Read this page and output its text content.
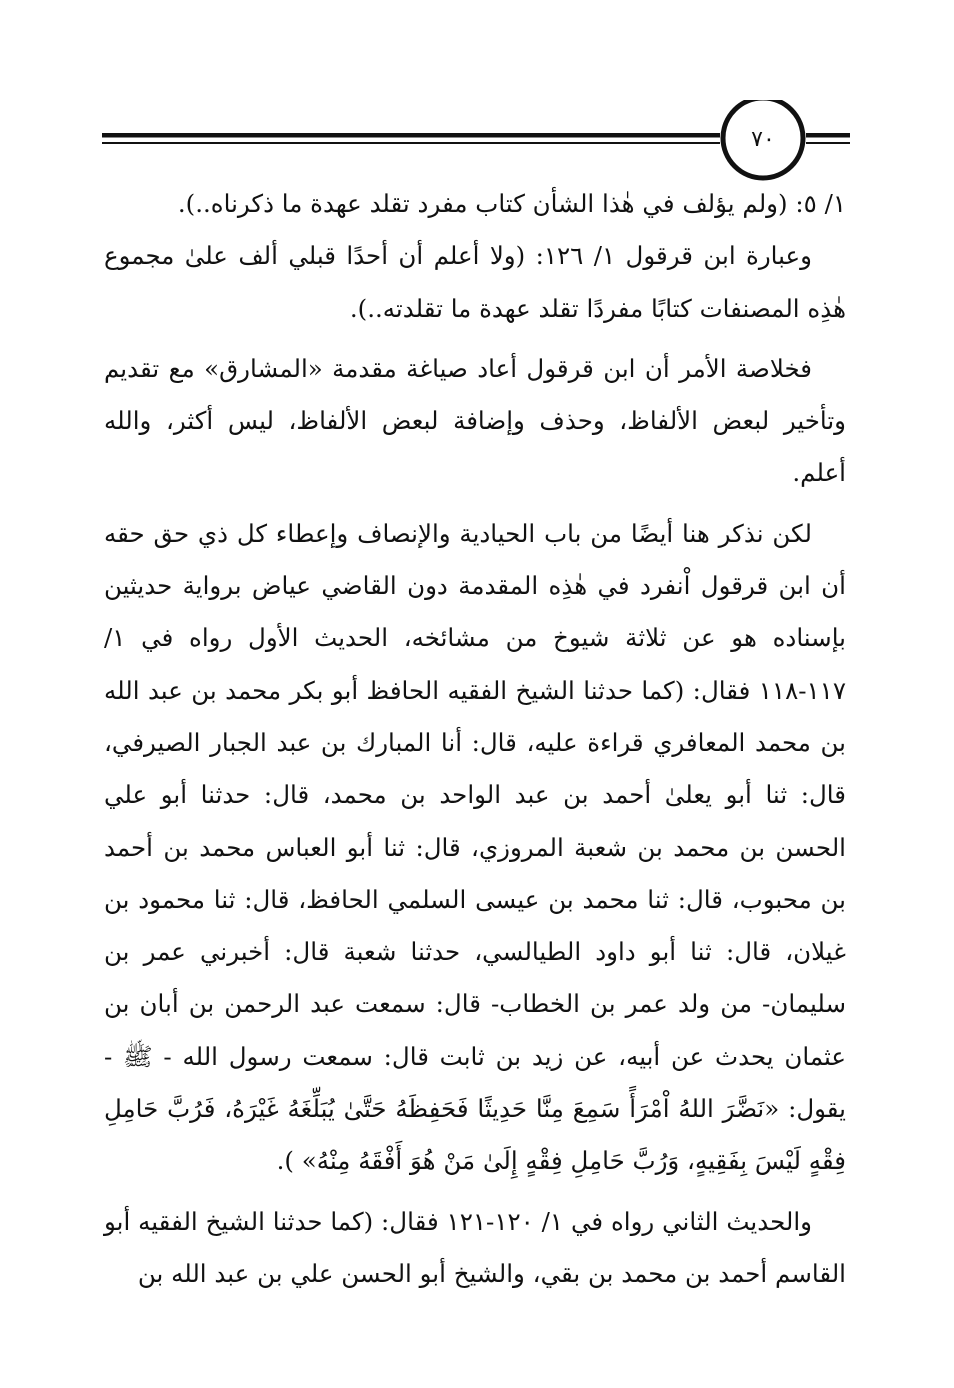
٧٠

١/ ٥: (ولم يؤلف في هٰذا الشأن كتاب مفرد تقلد عهدة ما ذكرناه..).

وعبارة ابن قرقول ١/ ١٢٦: (ولا أعلم أن أحدًا قبلي ألف علىٰ مجموع هٰذِه المصنفات كتابًا مفردًا تقلد عهدة ما تقلدته..).

فخلاصة الأمر أن ابن قرقول أعاد صياغة مقدمة «المشارق» مع تقديم وتأخير لبعض الألفاظ، وحذف وإضافة لبعض الألفاظ، ليس أكثر، والله أعلم.

لكن نذكر هنا أيضًا من باب الحيادية والإنصاف وإعطاء كل ذي حق حقه أن ابن قرقول اْنفرد في هٰذِه المقدمة دون القاضي عياض برواية حديثين بإسناده هو عن ثلاثة شيوخ من مشائخه، الحديث الأول رواه في ١/ ١١٧-١١٨ فقال: (كما حدثنا الشيخ الفقيه الحافظ أبو بكر محمد بن عبد الله بن محمد المعافري قراءة عليه، قال: أنا المبارك بن عبد الجبار الصيرفي، قال: ثنا أبو يعلىٰ أحمد بن عبد الواحد بن محمد، قال: حدثنا أبو علي الحسن بن محمد بن شعبة المروزي، قال: ثنا أبو العباس محمد بن أحمد بن محبوب، قال: ثنا محمد بن عيسى السلمي الحافظ، قال: ثنا محمود بن غيلان، قال: ثنا أبو داود الطيالسي، حدثنا شعبة قال: أخبرني عمر بن سليمان- من ولد عمر بن الخطاب- قال: سمعت عبد الرحمن بن أبان بن عثمان يحدث عن أبيه، عن زيد بن ثابت قال: سمعت رسول الله - ﷺ - يقول: «نَضَّرَ اللهُ اْمْرَأً سَمِعَ مِنَّا حَدِيثًا فَحَفِظَهُ حَتَّىٰ يُبَلِّغَهُ غَيْرَهُ، فَرُبَّ حَامِلِ فِقْهٍ لَيْسَ بِفَقِيهٍ، وَرُبَّ حَامِلِ فِقْهٍ إِلَىٰ مَنْ هُوَ أَفْقَهُ مِنْهُ» ).

والحديث الثاني رواه في ١/ ١٢٠-١٢١ فقال: (كما حدثنا الشيخ الفقيه أبو القاسم أحمد بن محمد بن بقي، والشيخ أبو الحسن علي بن عبد الله بن
